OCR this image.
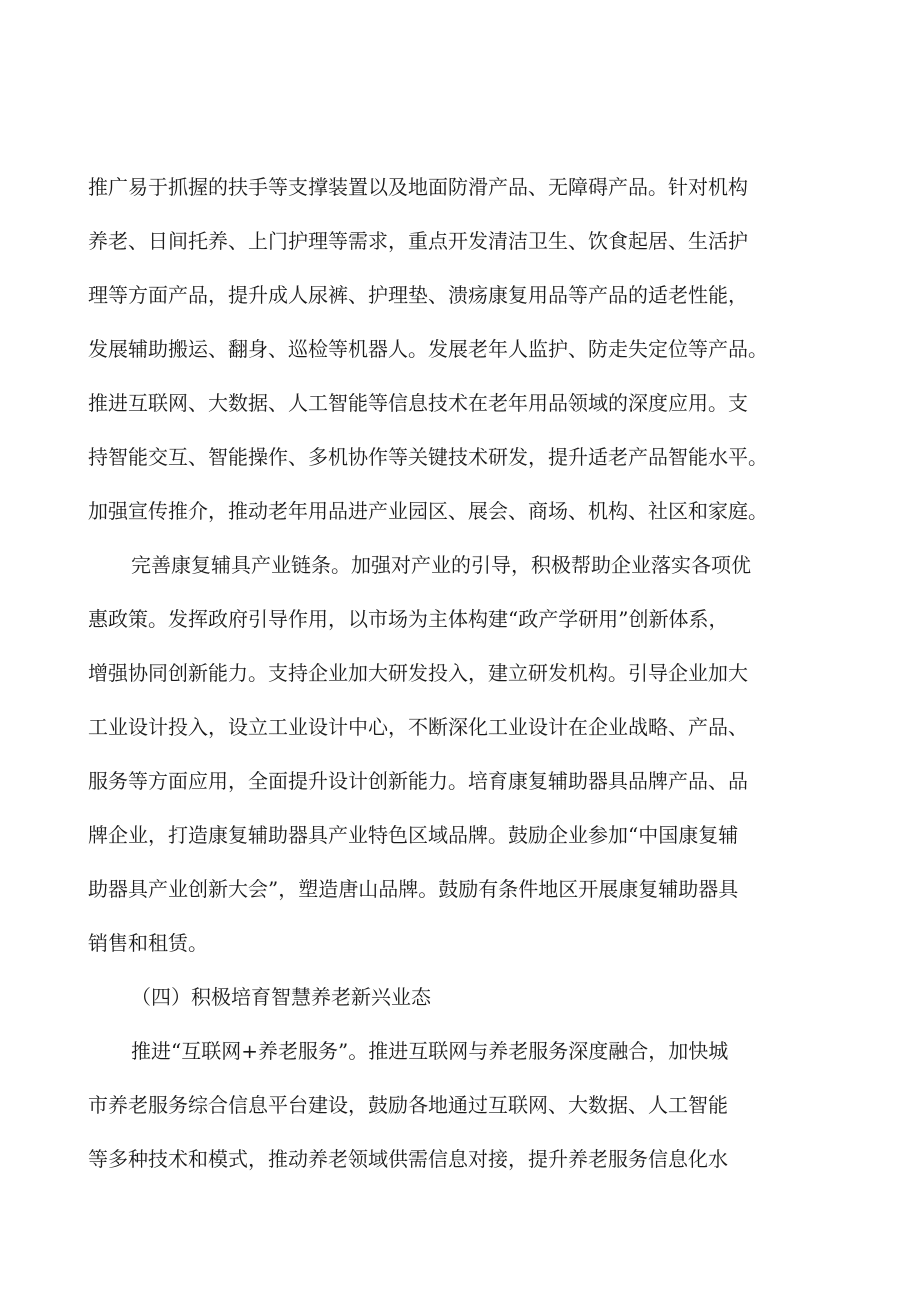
推广易于抓握的扶手等支撑装置以及地面防滑产品、无障碍产品。针对机构
养老、日间托养、上门护理等需求，重点开发清洁卫生、饮食起居、生活护
理等方面产品，提升成人尿裤、护理垫、溃疡康复用品等产品的适老性能，
发展辅助搬运、翻身、巡检等机器人。发展老年人监护、防走失定位等产品。
推进互联网、大数据、人工智能等信息技术在老年用品领域的深度应用。支
持智能交互、智能操作、多机协作等关键技术研发，提升适老产品智能水平。
加强宣传推介，推动老年用品进产业园区、展会、商场、机构、社区和家庭。
完善康复辅具产业链条。加强对产业的引导，积极帮助企业落实各项优
惠政策。发挥政府引导作用，以市场为主体构建“政产学研用”创新体系，
增强协同创新能力。支持企业加大研发投入，建立研发机构。引导企业加大
工业设计投入，设立工业设计中心，不断深化工业设计在企业战略、产品、
服务等方面应用，全面提升设计创新能力。培育康复辅助器具品牌产品、品
牌企业，打造康复辅助器具产业特色区域品牌。鼓励企业参加“中国康复辅
助器具产业创新大会”，塑造唐山品牌。鼓励有条件地区开展康复辅助器具
销售和租赁。
（四）积极培育智慧养老新兴业态
推进“互联网+养老服务”。推进互联网与养老服务深度融合，加快城
市养老服务综合信息平台建设，鼓励各地通过互联网、大数据、人工智能
等多种技术和模式，推动养老领域供需信息对接，提升养老服务信息化水
